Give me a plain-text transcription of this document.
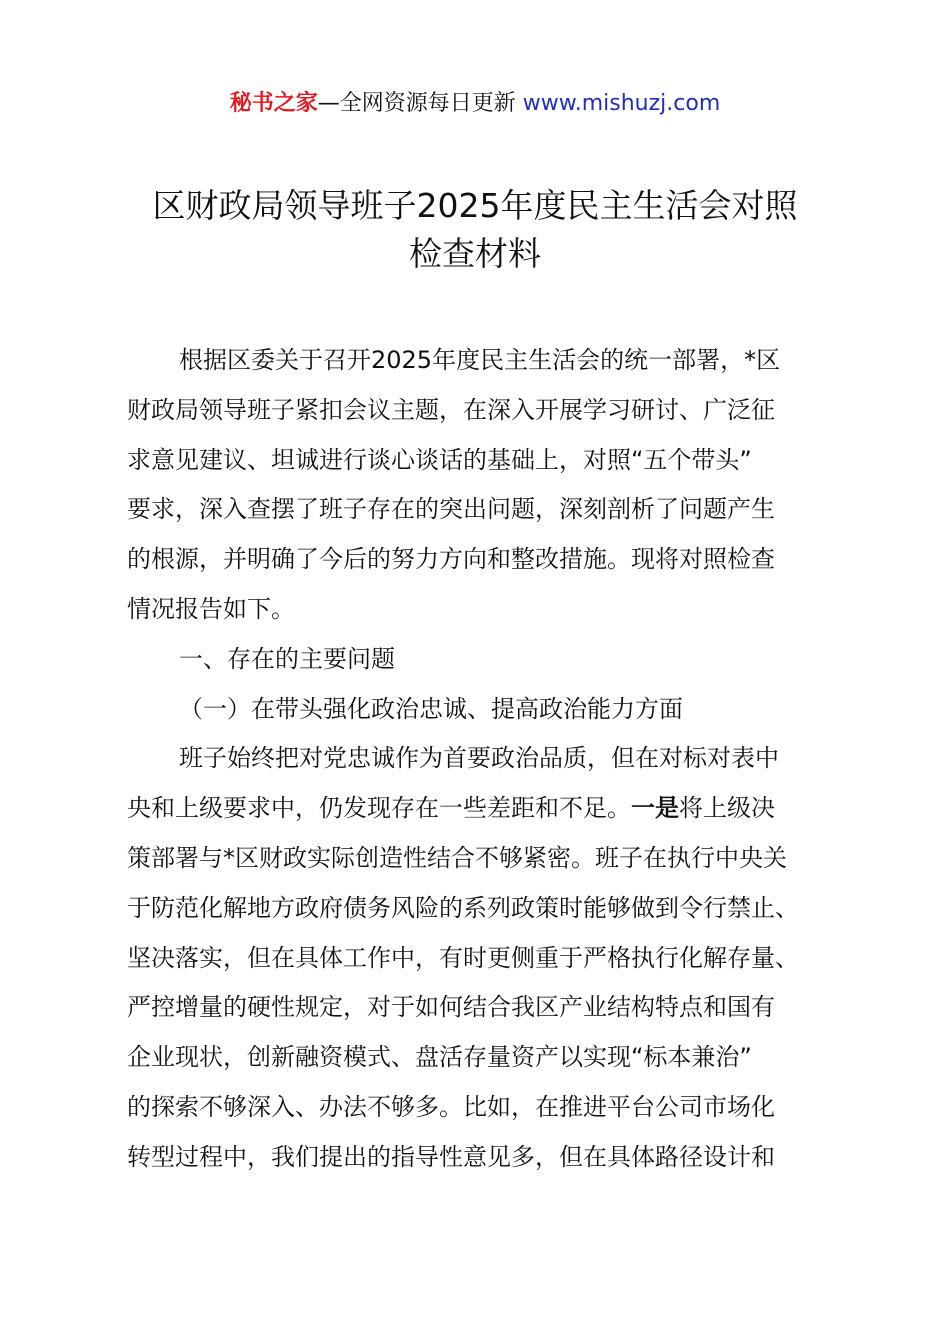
秘书之家—全网资源每日更新 www.mishuzj.com
区财政局领导班子2025年度民主生活会对照
检查材料
根据区委关于召开2025年度民主生活会的统一部署，*区
财政局领导班子紧扣会议主题，在深入开展学习研讨、广泛征
求意见建议、坦诚进行谈心谈话的基础上，对照“五个带头”
要求，深入查摆了班子存在的突出问题，深刻剖析了问题产生
的根源，并明确了今后的努力方向和整改措施。现将对照检查
情况报告如下。
一、存在的主要问题
（一）在带头强化政治忠诚、提高政治能力方面
班子始终把对党忠诚作为首要政治品质，但在对标对表中
央和上级要求中，仍发现存在一些差距和不足。一是将上级决
策部署与*区财政实际创造性结合不够紧密。班子在执行中央关
于防范化解地方政府债务风险的系列政策时能够做到令行禁止、
坚决落实，但在具体工作中，有时更侧重于严格执行化解存量、
严控增量的硬性规定，对于如何结合我区产业结构特点和国有
企业现状，创新融资模式、盘活存量资产以实现“标本兼治”
的探索不够深入、办法不够多。比如，在推进平台公司市场化
转型过程中，我们提出的指导性意见多，但在具体路径设计和
